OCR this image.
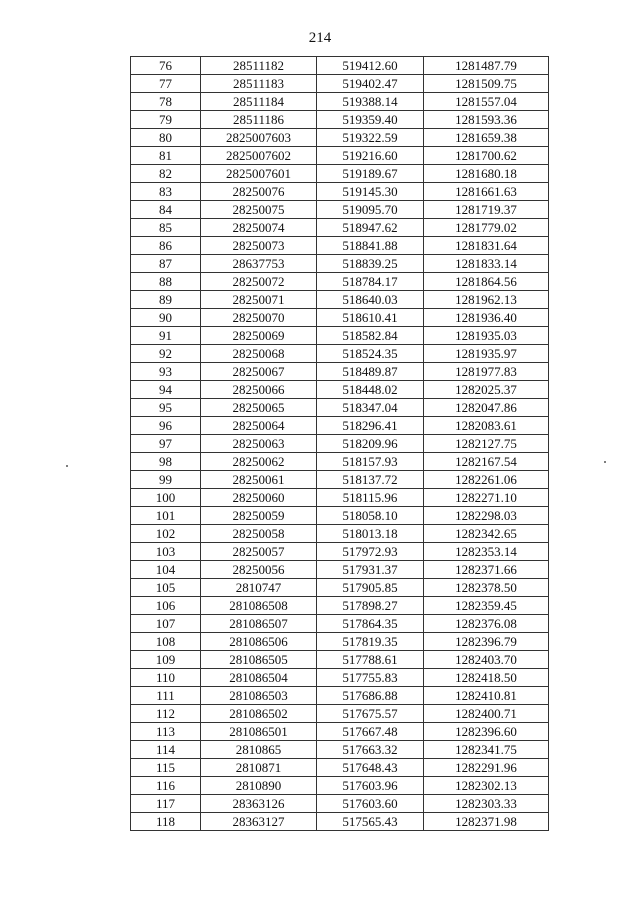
214
76	28511182	519412.60	1281487.79
77	28511183	519402.47	1281509.75
78	28511184	519388.14	1281557.04
79	28511186	519359.40	1281593.36
80	2825007603	519322.59	1281659.38
81	2825007602	519216.60	1281700.62
82	2825007601	519189.67	1281680.18
83	28250076	519145.30	1281661.63
84	28250075	519095.70	1281719.37
85	28250074	518947.62	1281779.02
86	28250073	518841.88	1281831.64
87	28637753	518839.25	1281833.14
88	28250072	518784.17	1281864.56
89	28250071	518640.03	1281962.13
90	28250070	518610.41	1281936.40
91	28250069	518582.84	1281935.03
92	28250068	518524.35	1281935.97
93	28250067	518489.87	1281977.83
94	28250066	518448.02	1282025.37
95	28250065	518347.04	1282047.86
96	28250064	518296.41	1282083.61
97	28250063	518209.96	1282127.75
98	28250062	518157.93	1282167.54
99	28250061	518137.72	1282261.06
100	28250060	518115.96	1282271.10
101	28250059	518058.10	1282298.03
102	28250058	518013.18	1282342.65
103	28250057	517972.93	1282353.14
104	28250056	517931.37	1282371.66
105	2810747	517905.85	1282378.50
106	281086508	517898.27	1282359.45
107	281086507	517864.35	1282376.08
108	281086506	517819.35	1282396.79
109	281086505	517788.61	1282403.70
110	281086504	517755.83	1282418.50
111	281086503	517686.88	1282410.81
112	281086502	517675.57	1282400.71
113	281086501	517667.48	1282396.60
114	2810865	517663.32	1282341.75
115	2810871	517648.43	1282291.96
116	2810890	517603.96	1282302.13
117	28363126	517603.60	1282303.33
118	28363127	517565.43	1282371.98
